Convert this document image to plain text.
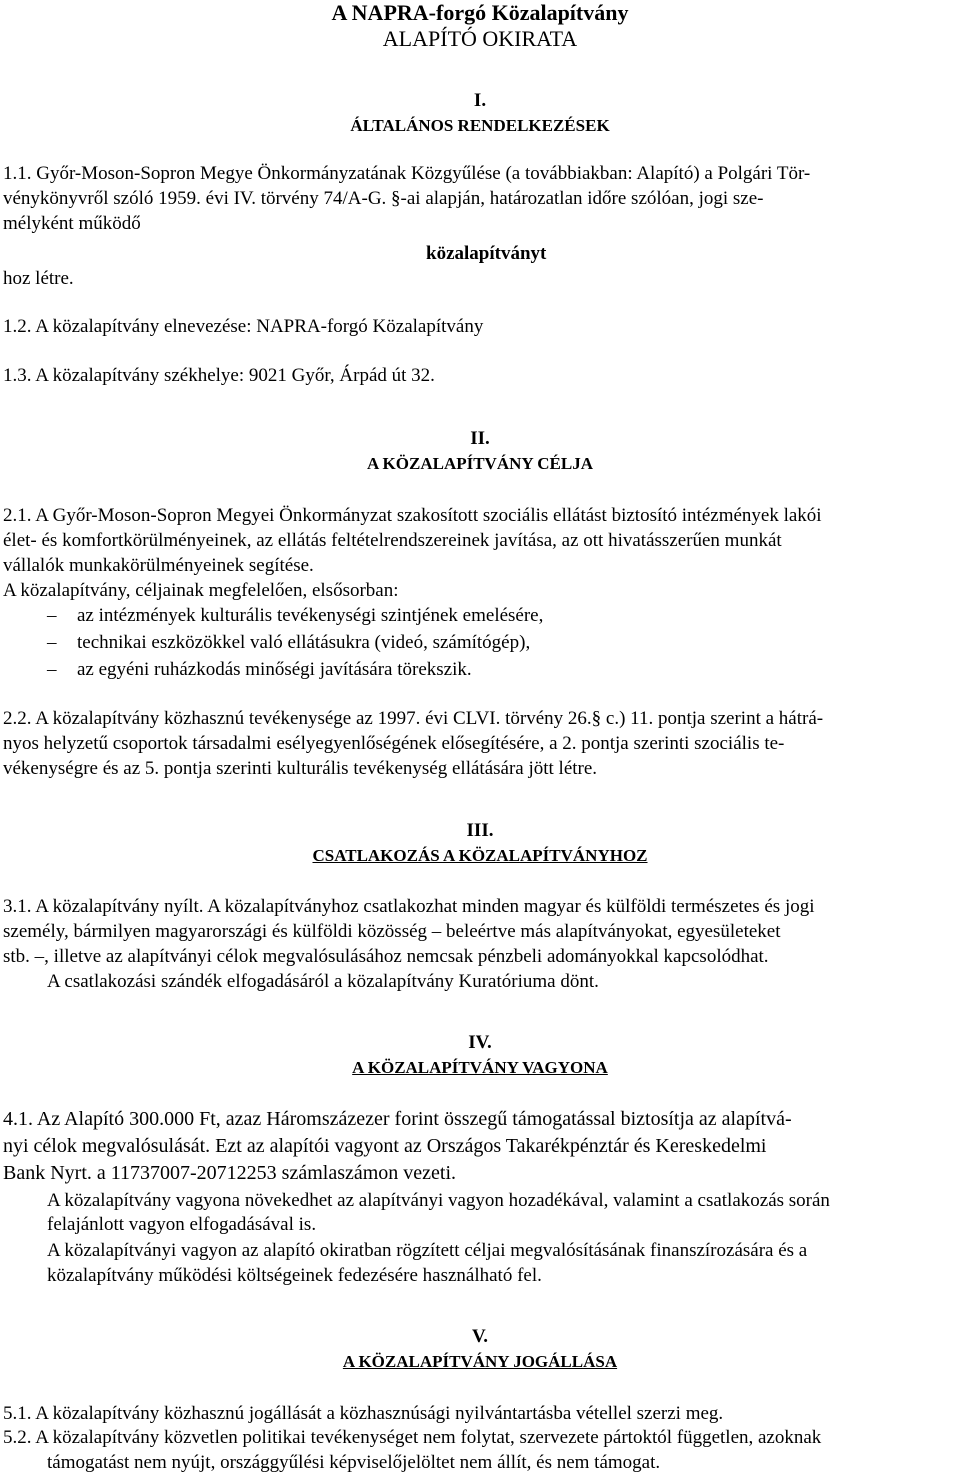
A NAPRA-forgó Közalapítvány
ALAPÍTÓ OKIRATA
I.
ÁLTALÁNOS RENDELKEZÉSEK
1.1. Győr-Moson-Sopron Megye Önkormányzatának Közgyűlése (a továbbiakban: Alapító) a Polgári Tör-
vénykönyvről szóló 1959. évi IV. törvény 74/A-G. §-ai alapján, határozatlan időre szólóan, jogi sze-
mélyként működő
közalapítványt
hoz létre.
1.2. A közalapítvány elnevezése: NAPRA-forgó Közalapítvány
1.3. A közalapítvány székhelye: 9021 Győr, Árpád út 32.
II.
A KÖZALAPÍTVÁNY CÉLJA
2.1. A Győr-Moson-Sopron Megyei Önkormányzat szakosított szociális ellátást biztosító intézmények lakói
élet- és komfortkörülményeinek, az ellátás feltételrendszereinek javítása, az ott hivatásszerűen munkát
vállalók munkakörülményeinek segítése.
A közalapítvány, céljainak megfelelően, elsősorban:
– az intézmények kulturális tevékenységi szintjének emelésére,
– technikai eszközökkel való ellátásukra (videó, számítógép),
– az egyéni ruházkodás minőségi javítására törekszik.
2.2. A közalapítvány közhasznú tevékenysége az 1997. évi CLVI. törvény 26.§ c.) 11. pontja szerint a hátrá-
nyos helyzetű csoportok társadalmi esélyegyenlőségének elősegítésére, a 2. pontja szerinti szociális te-
vékenységre és az 5. pontja szerinti kulturális tevékenység ellátására jött létre.
III.
CSATLAKOZÁS A KÖZALAPÍTVÁNYHOZ
3.1. A közalapítvány nyílt. A közalapítványhoz csatlakozhat minden magyar és külföldi természetes és jogi
személy, bármilyen magyarországi és külföldi közösség – beleértve más alapítványokat, egyesületeket
stb. –, illetve az alapítványi célok megvalósulásához nemcsak pénzbeli adományokkal kapcsolódhat.
A csatlakozási szándék elfogadásáról a közalapítvány Kuratóriuma dönt.
IV.
A KÖZALAPÍTVÁNY VAGYONA
4.1. Az Alapító 300.000 Ft, azaz Háromszázezer forint összegű támogatással biztosítja az alapítvá-
nyi célok megvalósulását. Ezt az alapítói vagyont az Országos Takarékpénztár és Kereskedelmi
Bank Nyrt. a 11737007-20712253 számlaszámon vezeti.
A közalapítvány vagyona növekedhet az alapítványi vagyon hozadékával, valamint a csatlakozás során
felajánlott vagyon elfogadásával is.
A közalapítványi vagyon az alapító okiratban rögzített céljai megvalósításának finanszírozására és a
közalapítvány működési költségeinek fedezésére használható fel.
V.
A KÖZALAPÍTVÁNY JOGÁLLÁSA
5.1. A közalapítvány közhasznú jogállását a közhasznúsági nyilvántartásba vétellel szerzi meg.
5.2. A közalapítvány közvetlen politikai tevékenységet nem folytat, szervezete pártoktól független, azoknak
támogatást nem nyújt, országgyűlési képviselőjelöltet nem állít, és nem támogat.
